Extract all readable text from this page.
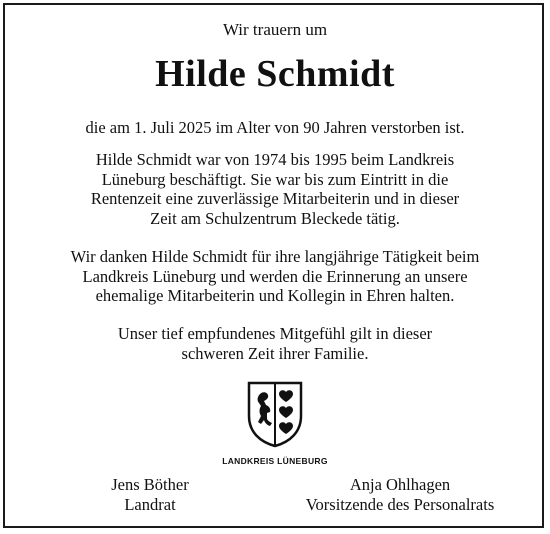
Wir trauern um
Hilde Schmidt
die am 1. Juli 2025 im Alter von 90 Jahren verstorben ist.
Hilde Schmidt war von 1974 bis 1995 beim Landkreis
Lüneburg beschäftigt. Sie war bis zum Eintritt in die
Rentenzeit eine zuverlässige Mitarbeiterin und in dieser
Zeit am Schulzentrum Bleckede tätig.
Wir danken Hilde Schmidt für ihre langjährige Tätigkeit beim
Landkreis Lüneburg und werden die Erinnerung an unsere
ehemalige Mitarbeiterin und Kollegin in Ehren halten.
Unser tief empfundenes Mitgefühl gilt in dieser
schweren Zeit ihrer Familie.
LANDKREIS LÜNEBURG
Jens Böther
Landrat
Anja Ohlhagen
Vorsitzende des Personalrats
